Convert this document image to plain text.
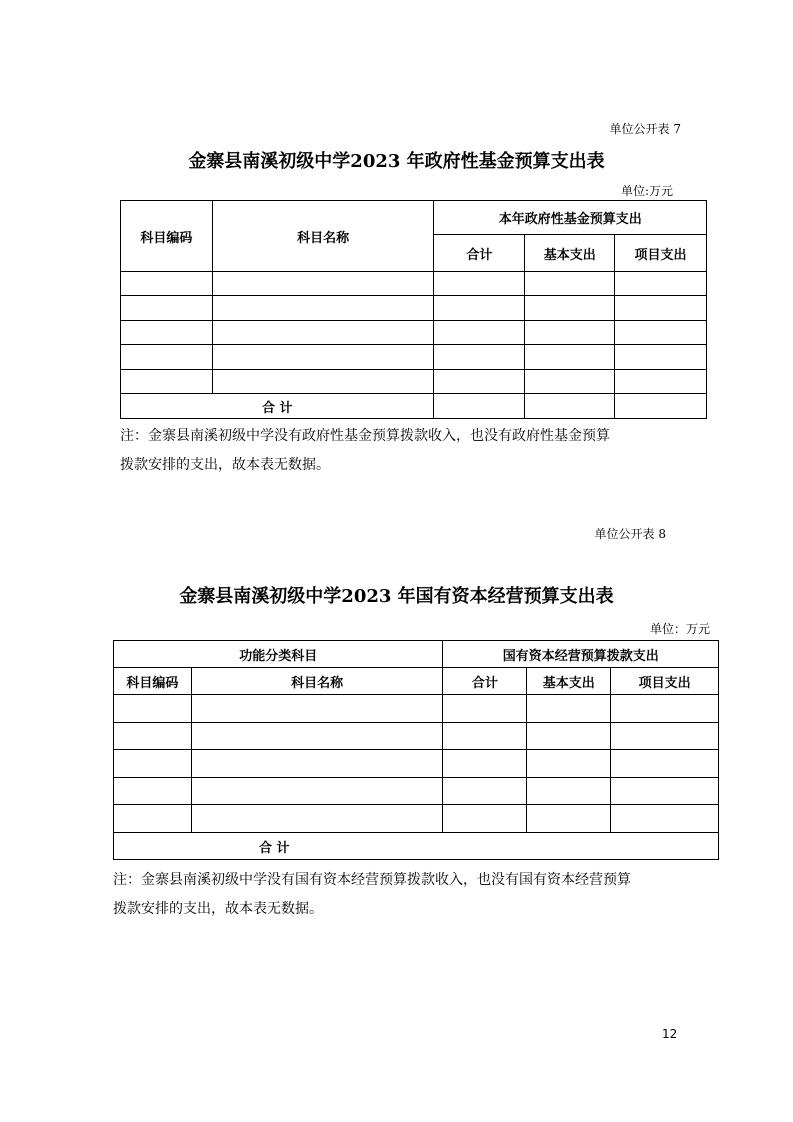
单位公开表 7
金寨县南溪初级中学2023 年政府性基金预算支出表
单位:万元
科目编码	科目名称	本年政府性基金预算支出		
		合计	基本支出	项目支出

合 计				
注：金寨县南溪初级中学没有政府性基金预算拨款收入，也没有政府性基金预算
拨款安排的支出，故本表无数据。
单位公开表 8
金寨县南溪初级中学2023 年国有资本经营预算支出表
单位：万元
功能分类科目		国有资本经营预算拨款支出		
科目编码	科目名称	合计	基本支出	项目支出

合 计				
注：金寨县南溪初级中学没有国有资本经营预算拨款收入，也没有国有资本经营预算
拨款安排的支出，故本表无数据。
12
